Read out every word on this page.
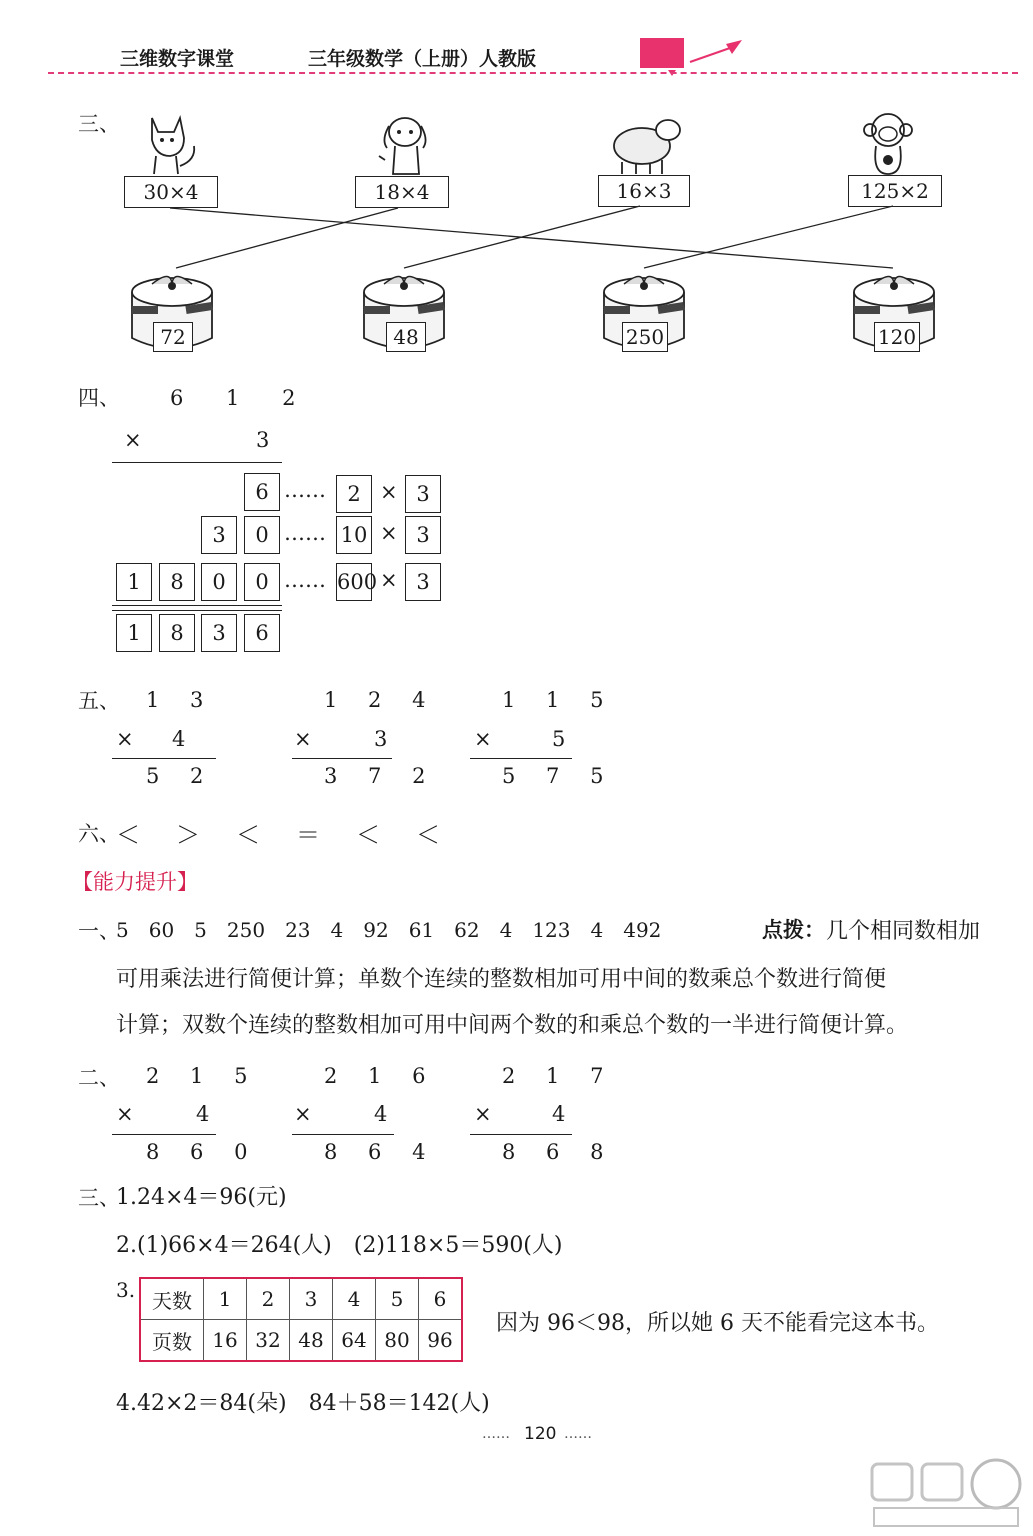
三维数字课堂	三年级数学（上册）人教版
三、
30×4	18×4	16×3	125×2
72	48	250	120
四、 6 1 2
×	3
6 ……	2 × 3
3	0 …… 10 × 3
1	8	0	0 …… 600 × 3
1	8	3	6
五、 1 3
× 4
5 2
1 2 4
×	3
3 7 2
1 1 5
×	5
5 7 5
六、
＜　＞　＜　＝　＜　＜
【能力提升】
一、
5　60　5　250　23　4　92　61　62　4　123　4　492	点拨： 几个相同数相加
可用乘法进行简便计算；单数个连续的整数相加可用中间的数乘总个数进行简便
计算；双数个连续的整数相加可用中间两个数的和乘总个数的一半进行简便计算。
二、 2 1 5
×	4
8 6 0
2 1 6
×	4
8 6 4
2 1 7
×	4
8 6 8
三、
1.24×4＝96(元)
2.(1)66×4＝264(人)　(2)118×5＝590(人)
3. 天数	1	2	3	4	5	6
页数	16	32	48	64	80	96
因为 96＜98，所以她 6 天不能看完这本书。
4.42×2＝84(朵)　84＋58＝142(人)
…… 120 ……
